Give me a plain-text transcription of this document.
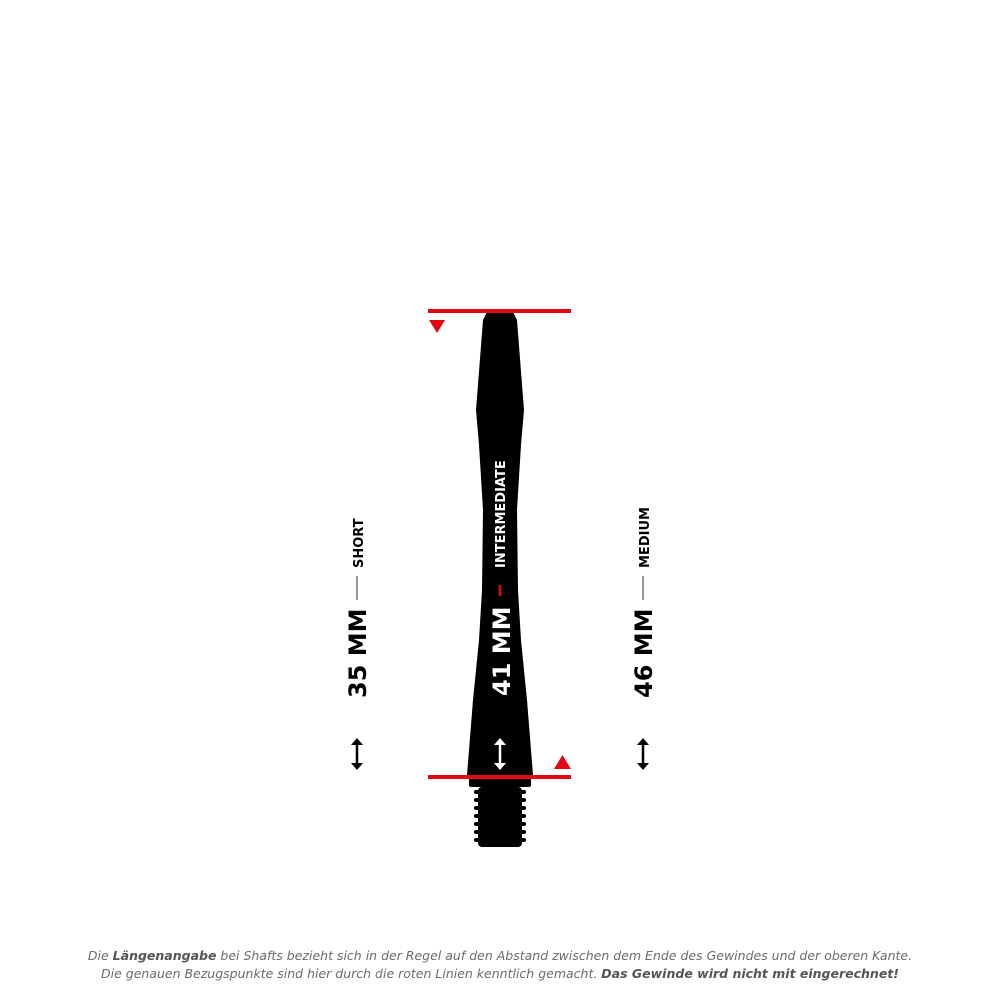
SHORT
35 MM
INTERMEDIATE
41 MM
MEDIUM
46 MM
Die Längenangabe bei Shafts bezieht sich in der Regel auf den Abstand zwischen dem Ende des Gewindes und der oberen Kante.
Die genauen Bezugspunkte sind hier durch die roten Linien kenntlich gemacht. Das Gewinde wird nicht mit eingerechnet!
